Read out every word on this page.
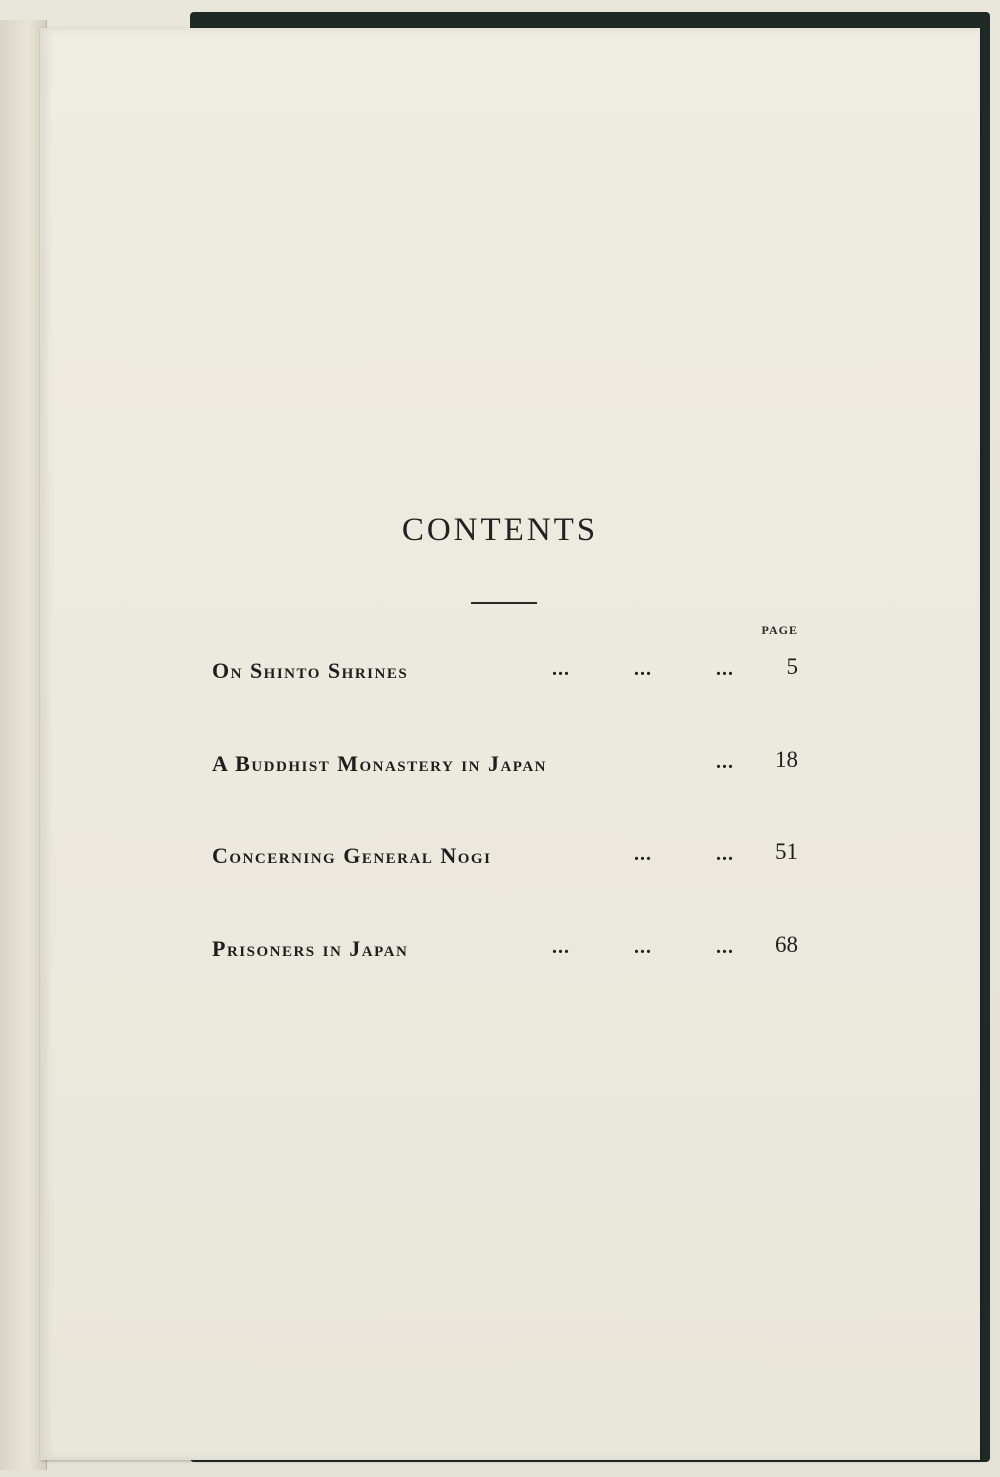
CONTENTS
PAGE
On Shinto Shrines	...	...	... 5
A Buddhist Monastery in Japan	... 18
Concerning General Nogi	...	... 51
Prisoners in Japan	...	...	... 68
